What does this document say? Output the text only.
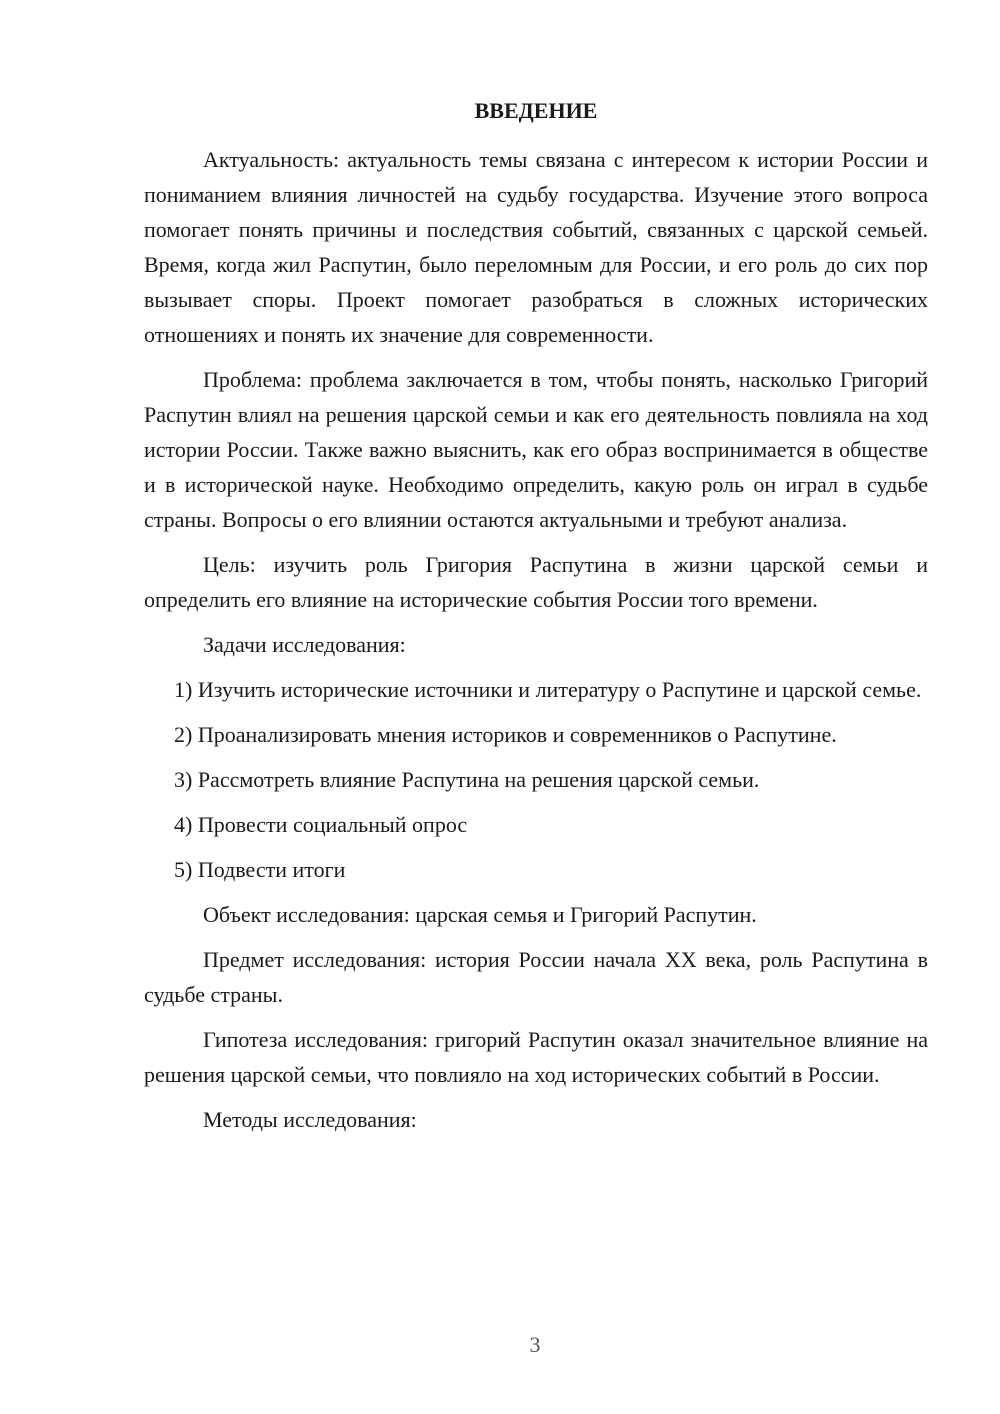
ВВЕДЕНИЕ

Актуальность: актуальность темы связана с интересом к истории России и пониманием влияния личностей на судьбу государства. Изучение этого вопроса помогает понять причины и последствия событий, связанных с царской семьей. Время, когда жил Распутин, было переломным для России, и его роль до сих пор вызывает споры. Проект помогает разобраться в сложных исторических отношениях и понять их значение для современности.

Проблема: проблема заключается в том, чтобы понять, насколько Григорий Распутин влиял на решения царской семьи и как его деятельность повлияла на ход истории России. Также важно выяснить, как его образ воспринимается в обществе и в исторической науке. Необходимо определить, какую роль он играл в судьбе страны. Вопросы о его влиянии остаются актуальными и требуют анализа.

Цель: изучить роль Григория Распутина в жизни царской семьи и определить его влияние на исторические события России того времени.

Задачи исследования:

1) Изучить исторические источники и литературу о Распутине и царской семье.

2) Проанализировать мнения историков и современников о Распутине.

3) Рассмотреть влияние Распутина на решения царской семьи.

4) Провести социальный опрос

5) Подвести итоги

Объект исследования: царская семья и Григорий Распутин.

Предмет исследования: история России начала XX века, роль Распутина в судьбе страны.

Гипотеза исследования: григорий Распутин оказал значительное влияние на решения царской семьи, что повлияло на ход исторических событий в России.

Методы исследования:

3
